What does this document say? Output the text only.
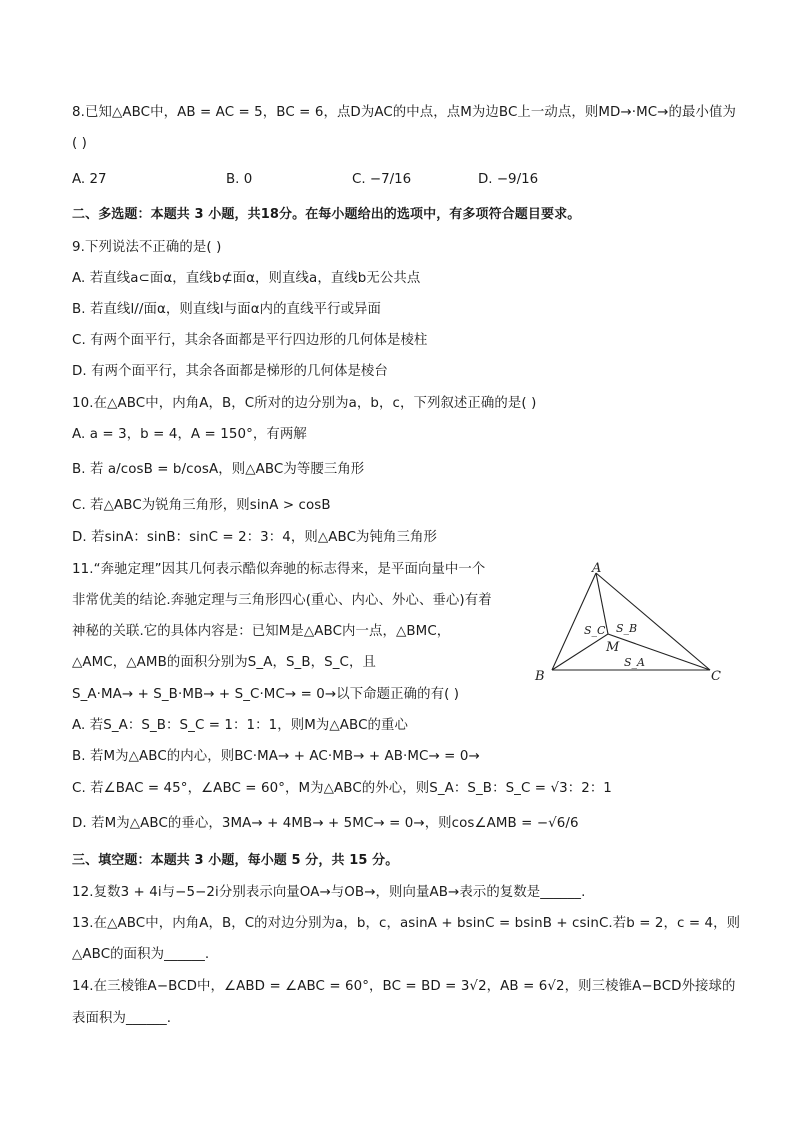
8.已知△ABC中，AB = AC = 5，BC = 6，点D为AC的中点，点M为边BC上一动点，则MD→·MC→的最小值为
( )
A. 27	B. 0	C. −7/16	D. −9/16
二、多选题：本题共 3 小题，共18分。在每小题给出的选项中，有多项符合题目要求。
9.下列说法不正确的是( )
A. 若直线a⊂面α，直线b⊄面α，则直线a，直线b无公共点
B. 若直线l//面α，则直线l与面α内的直线平行或异面
C. 有两个面平行，其余各面都是平行四边形的几何体是棱柱
D. 有两个面平行，其余各面都是梯形的几何体是棱台
10.在△ABC中，内角A，B，C所对的边分别为a，b，c，下列叙述正确的是( )
A. a = 3，b = 4，A = 150°，有两解
B. 若 a/cosB = b/cosA，则△ABC为等腰三角形
C. 若△ABC为锐角三角形，则sinA > cosB
D. 若sinA：sinB：sinC = 2：3：4，则△ABC为钝角三角形
11.“奔驰定理”因其几何表示酷似奔驰的标志得来，是平面向量中一个
非常优美的结论.奔驰定理与三角形四心(重心、内心、外心、垂心)有着
神秘的关联.它的具体内容是：已知M是△ABC内一点，△BMC，
△AMC，△AMB的面积分别为S_A，S_B，S_C，且
S_A·MA→ + S_B·MB→ + S_C·MC→ = 0→以下命题正确的有( )
A
B	C
M
S_C S_B
S_A
A. 若S_A：S_B：S_C = 1：1：1，则M为△ABC的重心
B. 若M为△ABC的内心，则BC·MA→ + AC·MB→ + AB·MC→ = 0→
C. 若∠BAC = 45°，∠ABC = 60°，M为△ABC的外心，则S_A：S_B：S_C = √3：2：1
D. 若M为△ABC的垂心，3MA→ + 4MB→ + 5MC→ = 0→，则cos∠AMB = −√6/6
三、填空题：本题共 3 小题，每小题 5 分，共 15 分。
12.复数3 + 4i与−5−2i分别表示向量OA→与OB→，则向量AB→表示的复数是______.
13.在△ABC中，内角A，B，C的对边分别为a，b，c，asinA + bsinC = bsinB + csinC.若b = 2，c = 4，则
△ABC的面积为______.
14.在三棱锥A−BCD中，∠ABD = ∠ABC = 60°，BC = BD = 3√2，AB = 6√2，则三棱锥A−BCD外接球的
表面积为______.
